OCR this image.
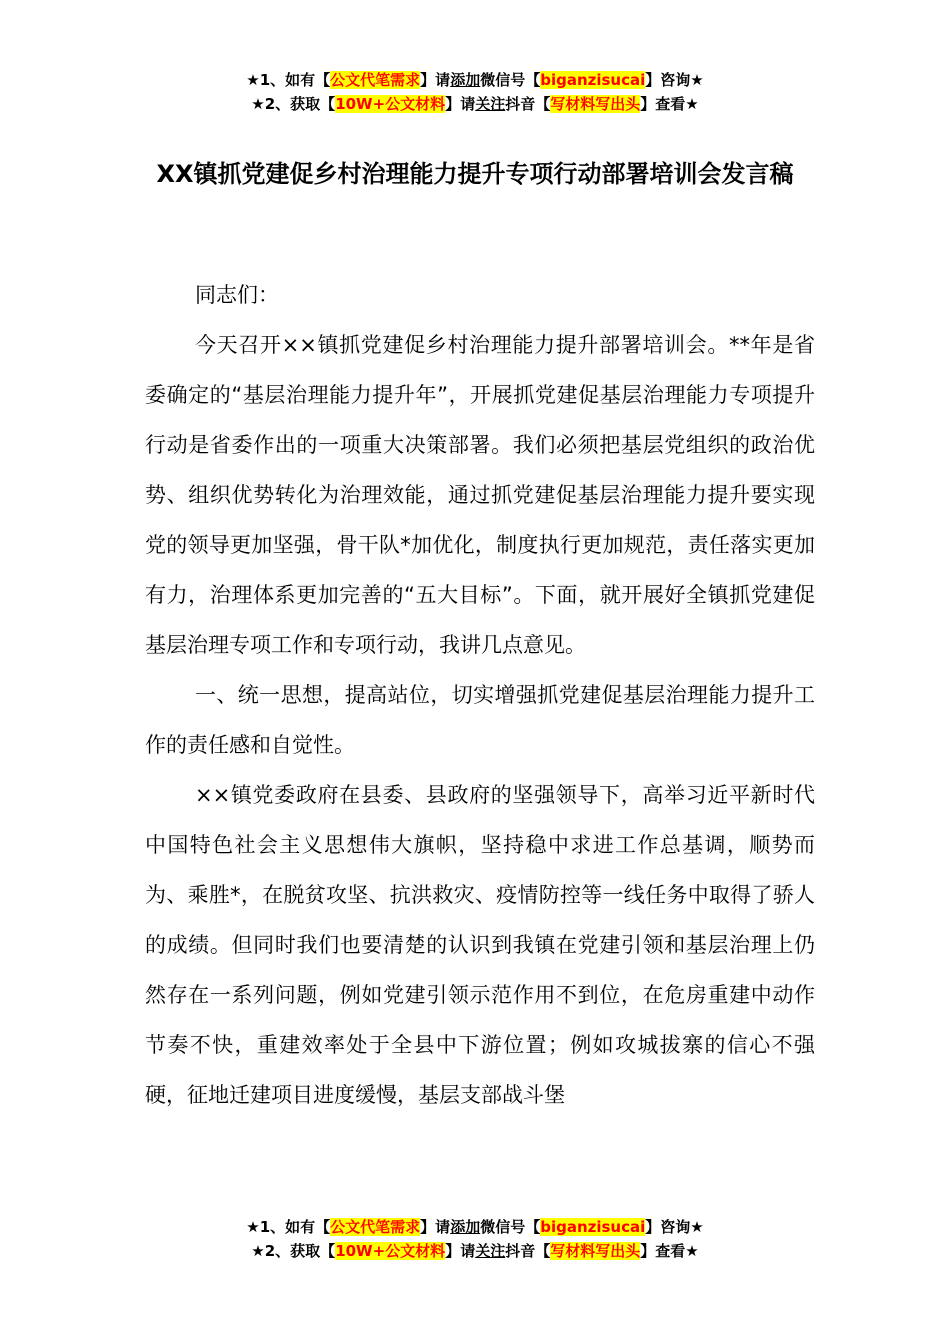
★1、如有【公文代笔需求】请添加微信号【biganzisucai】咨询★
★2、获取【10W+公文材料】请关注抖音【写材料写出头】查看★
XX镇抓党建促乡村治理能力提升专项行动部署培训会发言稿

同志们：

今天召开××镇抓党建促乡村治理能力提升部署培训会。**年是省委确定的“基层治理能力提升年”，开展抓党建促基层治理能力专项提升行动是省委作出的一项重大决策部署。我们必须把基层党组织的政治优势、组织优势转化为治理效能，通过抓党建促基层治理能力提升要实现党的领导更加坚强，骨干队*加优化，制度执行更加规范，责任落实更加有力，治理体系更加完善的“五大目标”。下面，就开展好全镇抓党建促基层治理专项工作和专项行动，我讲几点意见。

一、统一思想，提高站位，切实增强抓党建促基层治理能力提升工作的责任感和自觉性。

××镇党委政府在县委、县政府的坚强领导下，高举习近平新时代中国特色社会主义思想伟大旗帜，坚持稳中求进工作总基调，顺势而为、乘胜*，在脱贫攻坚、抗洪救灾、疫情防控等一线任务中取得了骄人的成绩。但同时我们也要清楚的认识到我镇在党建引领和基层治理上仍然存在一系列问题，例如党建引领示范作用不到位，在危房重建中动作节奏不快，重建效率处于全县中下游位置；例如攻城拔寨的信心不强硬，征地迁建项目进度缓慢，基层支部战斗堡

★1、如有【公文代笔需求】请添加微信号【biganzisucai】咨询★
★2、获取【10W+公文材料】请关注抖音【写材料写出头】查看★
